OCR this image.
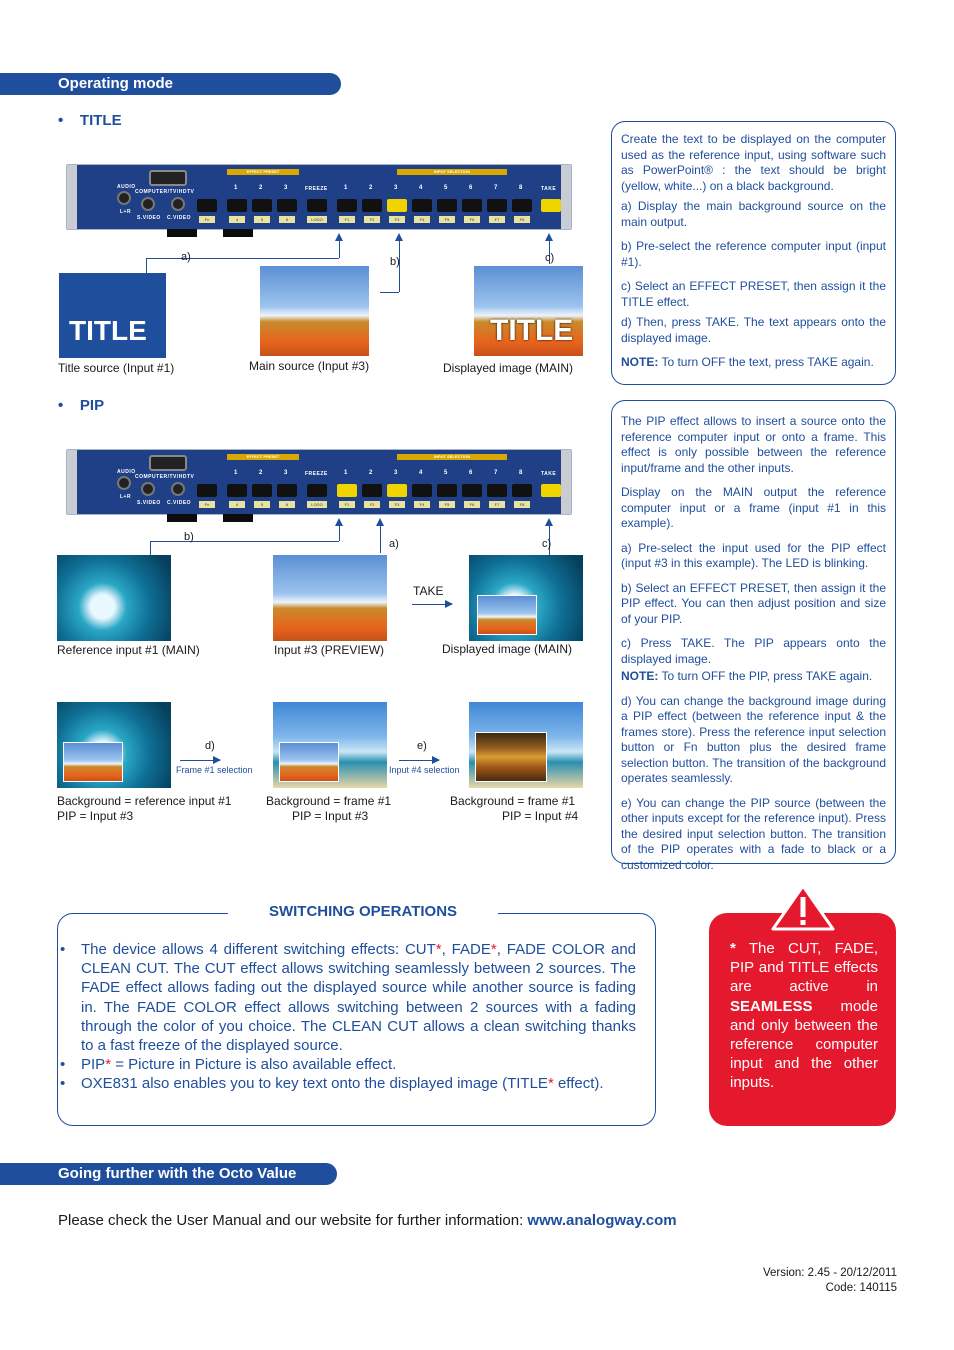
Operating mode
•    TITLE
AUDIO
L+R
COMPUTER/TV/HDTV
S.VIDEO C.VIDEO	Fn
EFFECT PRESET
1	2	3
4	5	6
FREEZE
LOGO
INPUT SELECTION
1	2	3	4	5	6	7	8
F1	F2	F3	F4	F5	F6	F7	F8
TAKE
a)	b)	c)
TITLE	TITLE
Title source (Input #1)	Main source (Input #3)	Displayed image (MAIN)

Create the text to be displayed on the computer used as the reference input, using software such as PowerPoint® : the text should be bright (yellow, white...) on a black background.

a) Display the main background source on the main output.

b) Pre-select the reference computer input (input #1).

c) Select an EFFECT PRESET, then assign it the TITLE effect.

d) Then, press TAKE. The text appears onto the displayed image.

NOTE: To turn OFF the text, press TAKE again.

•    PIP
AUDIO
L+R
COMPUTER/TV/HDTV
S.VIDEO C.VIDEO	Fn
EFFECT PRESET
1	2	3
4	5	6
FREEZE
LOGO
INPUT SELECTION
1	2	3	4	5	6	7	8
F1	F2	F3	F4	F5	F6	F7	F8
TAKE
b)
a)	c)
TAKE
Reference input #1 (MAIN)	Input #3 (PREVIEW)	Displayed image (MAIN)
d)
Frame #1 selection
e)
Input #4 selection
Background = reference input #1
PIP = Input #3
Background = frame #1
PIP = Input #3
Background = frame #1
PIP = Input #4

The PIP effect allows to insert a source onto the reference computer input or onto a frame. This effect is only possible between the reference input/frame and the other inputs.

Display on the MAIN output the reference computer input or a frame (input #1 in this example).

a) Pre-select the input used for the PIP effect (input #3 in this example). The LED is blinking.

b) Select an EFFECT PRESET, then assign it the PIP effect. You can then adjust position and size of your PIP.

c) Press TAKE. The PIP appears onto the displayed image.

NOTE: To turn OFF the PIP, press TAKE again.

d) You can change the background image during a PIP effect (between the reference input & the frames store). Press the reference input selection button or Fn button plus the desired frame selection button. The transition of the background operates seamlessly.

e) You can change the PIP source (between the other inputs except for the reference input). Press the desired input selection button. The transition of the PIP operates with a fade to black or a customized color.

SWITCHING OPERATIONS
• The device allows 4 different switching effects: CUT*, FADE*, FADE COLOR and CLEAN CUT. The CUT effect allows switching seamlessly between 2 sources. The FADE effect allows fading out the displayed source while another source is fading in. The FADE COLOR effect allows switching between 2 sources with a fading through the color of you choice. The CLEAN CUT allows a clean switching thanks to a fast freeze of the displayed source.
• PIP* = Picture in Picture is also available effect.
• OXE831 also enables you to key text onto the displayed image (TITLE* effect).
* The CUT, FADE, PIP and TITLE effects are active in SEAMLESS mode and only between the reference computer input and the other inputs.
Going further with the Octo Value
Please check the User Manual and our website for further information: www.analogway.com
Version: 2.45 - 20/12/2011
Code: 140115
